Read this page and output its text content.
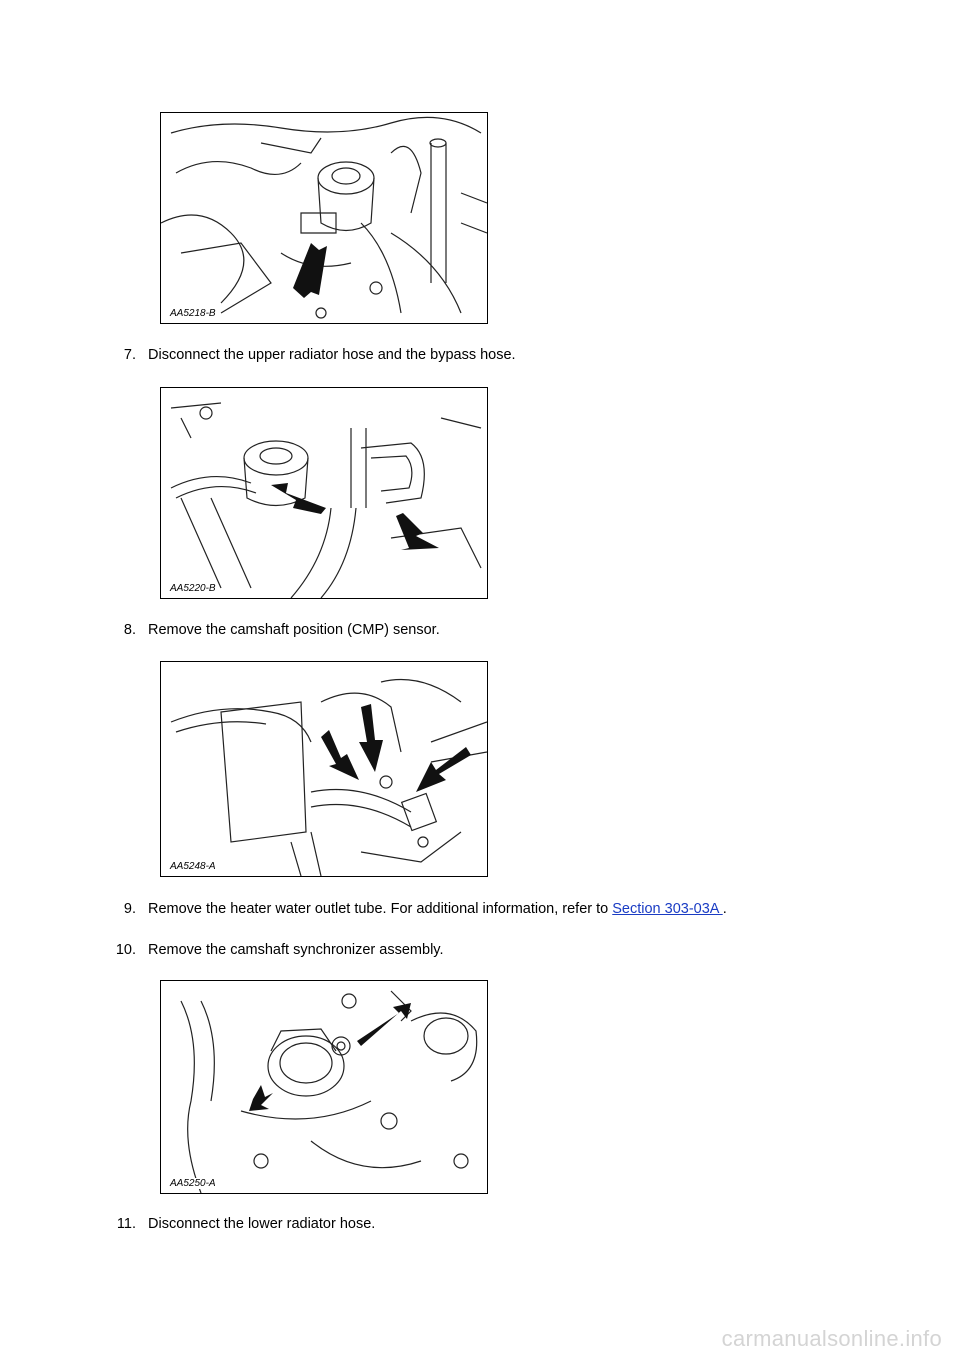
AA5218-B
7. Disconnect the upper radiator hose and the bypass hose.
AA5220-B
8. Remove the camshaft position (CMP) sensor.
AA5248-A
9. Remove the heater water outlet tube. For additional information, refer to Section 303-03A .
10. Remove the camshaft synchronizer assembly.
AA5250-A
11. Disconnect the lower radiator hose.
carmanualsonline.info
